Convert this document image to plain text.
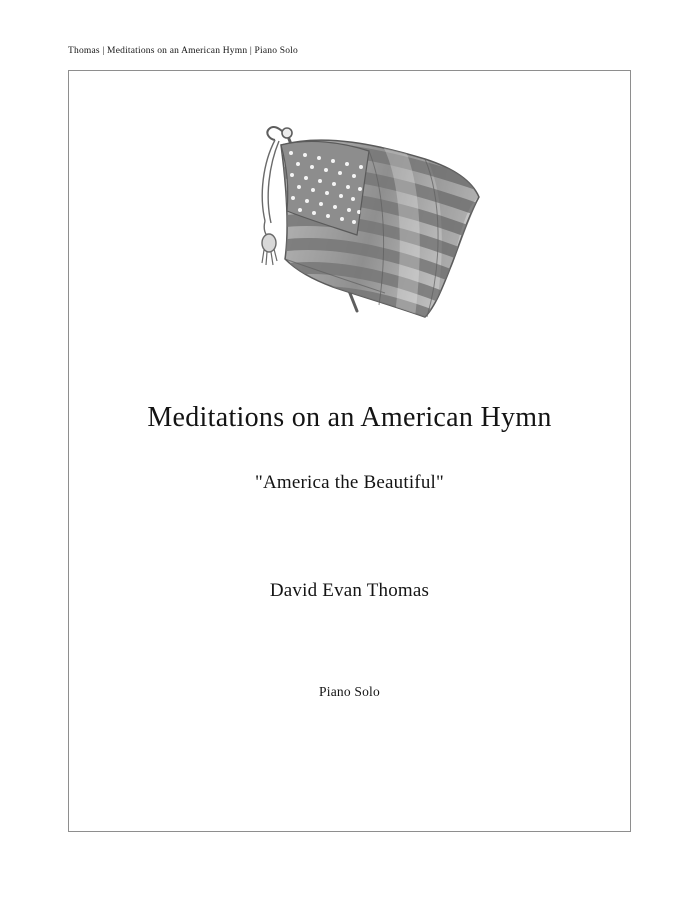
Thomas | Meditations on an American Hymn | Piano Solo
Meditations on an American Hymn

"America the Beautiful"

David Evan Thomas

Piano Solo
